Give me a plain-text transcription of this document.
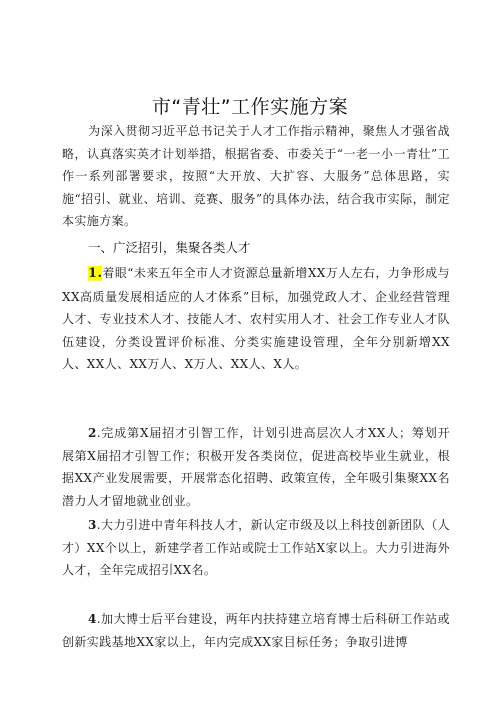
市“青壮”工作实施方案
为深入贯彻习近平总书记关于人才工作指示精神，聚焦人才强省战略，认真落实英才计划举措，根据省委、市委关于“一老一小一青壮”工作一系列部署要求，按照“大开放、大扩容、大服务”总体思路，实施“招引、就业、培训、竞赛、服务”的具体办法，结合我市实际，制定本实施方案。
一、广泛招引，集聚各类人才
1.着眼“未来五年全市人才资源总量新增XX万人左右，力争形成与XX高质量发展相适应的人才体系”目标，加强党政人才、企业经营管理人才、专业技术人才、技能人才、农村实用人才、社会工作专业人才队伍建设，分类设置评价标准、分类实施建设管理，全年分别新增XX人、XX人、XX万人、X万人、XX人、X人。
2.完成第X届招才引智工作，计划引进高层次人才XX人；筹划开展第X届招才引智工作；积极开发各类岗位，促进高校毕业生就业，根据XX产业发展需要，开展常态化招聘、政策宣传，全年吸引集聚XX名潜力人才留地就业创业。
3.大力引进中青年科技人才，新认定市级及以上科技创新团队（人才）XX个以上，新建学者工作站或院士工作站X家以上。大力引进海外人才，全年完成招引XX名。
4.加大博士后平台建设，两年内扶持建立培育博士后科研工作站或创新实践基地XX家以上，年内完成XX家目标任务；争取引进博
